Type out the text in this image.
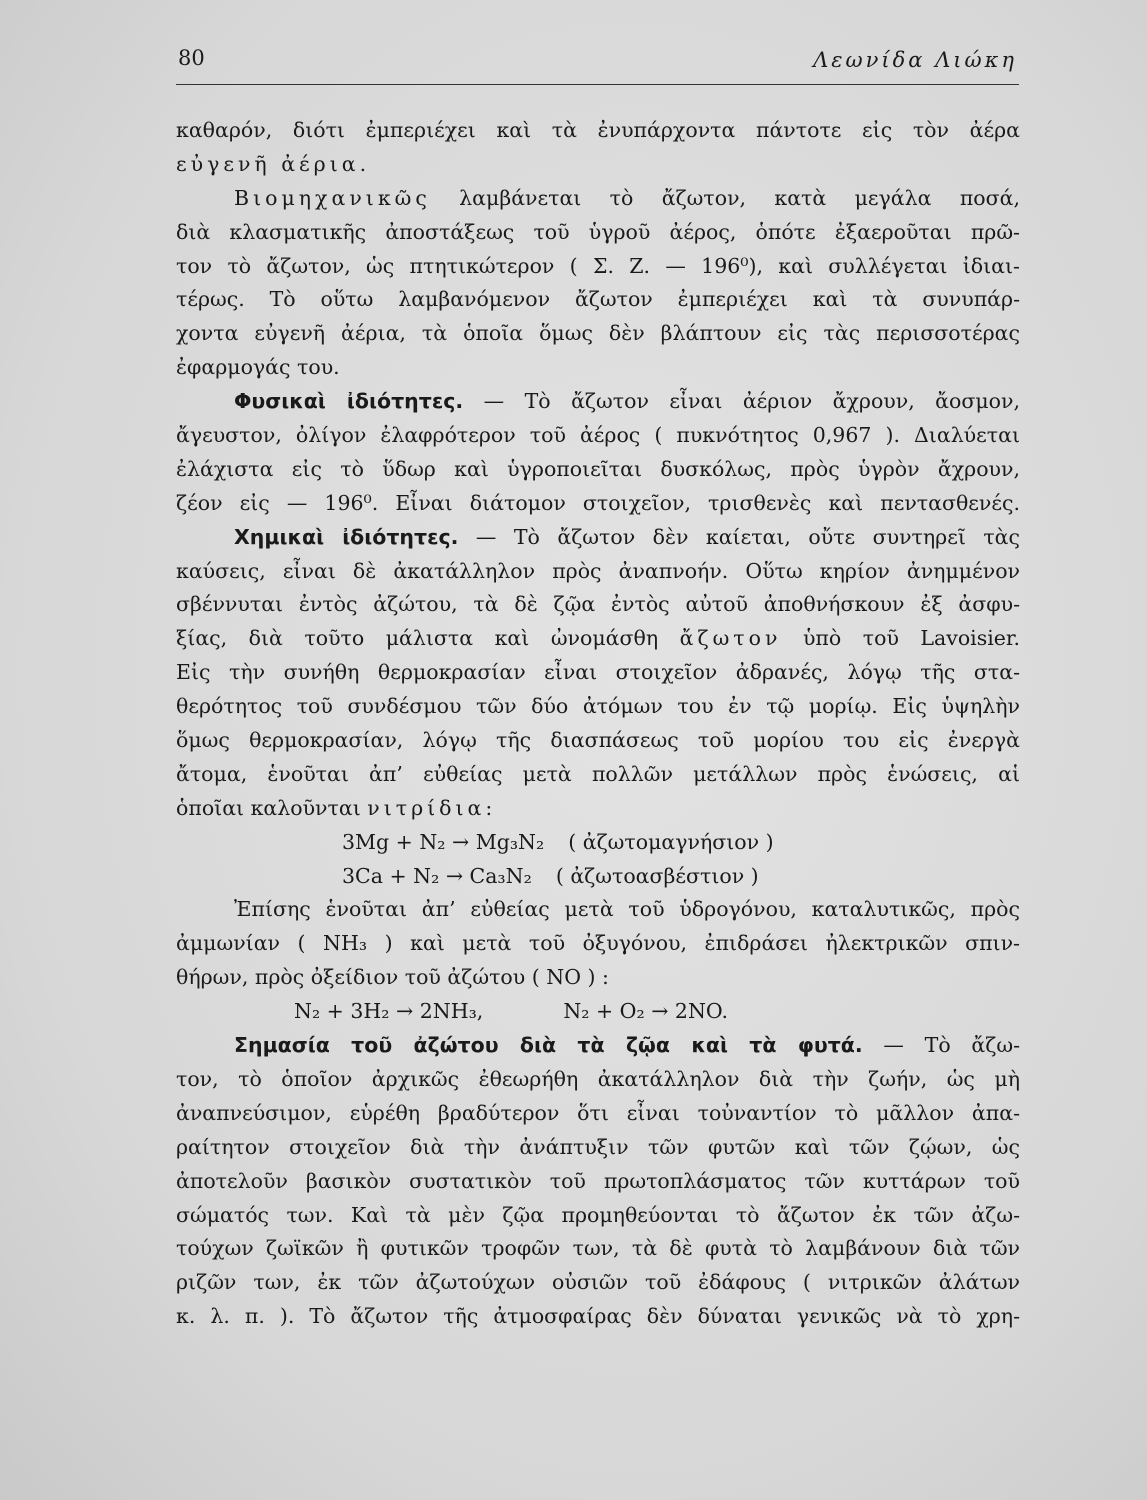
80	Λεωνίδα Λιώκη
καθαρόν, διότι ἐμπεριέχει καὶ τὰ ἐνυπάρχοντα πάντοτε εἰς τὸν ἀέρα
εὐγενῆ ἀέρια.
Βιομηχανικῶς λαμβάνεται τὸ ἄζωτον, κατὰ μεγάλα ποσά,
διὰ κλασματικῆς ἀποστάξεως τοῦ ὑγροῦ ἀέρος, ὁπότε ἐξαεροῦται πρῶ-
τον τὸ ἄζωτον, ὡς πτητικώτερον ( Σ. Ζ. — 196⁰), καὶ συλλέγεται ἰδιαι-
τέρως. Τὸ οὕτω λαμβανόμενον ἄζωτον ἐμπεριέχει καὶ τὰ συνυπάρ-
χοντα εὐγενῆ ἀέρια, τὰ ὁποῖα ὅμως δὲν βλάπτουν εἰς τὰς περισσοτέρας
ἐφαρμογάς του.
Φυσικαὶ ἰδιότητες. — Τὸ ἄζωτον εἶναι ἀέριον ἄχρουν, ἄοσμον,
ἄγευστον, ὀλίγον ἐλαφρότερον τοῦ ἀέρος ( πυκνότητος 0,967 ). Διαλύεται
ἐλάχιστα εἰς τὸ ὕδωρ καὶ ὑγροποιεῖται δυσκόλως, πρὸς ὑγρὸν ἄχρουν,
ζέον εἰς — 196⁰. Εἶναι διάτομον στοιχεῖον, τρισθενὲς καὶ πεντασθενές.
Χημικαὶ ἰδιότητες. — Τὸ ἄζωτον δὲν καίεται, οὔτε συντηρεῖ τὰς
καύσεις, εἶναι δὲ ἀκατάλληλον πρὸς ἀναπνοήν. Οὕτω κηρίον ἀνημμένον
σβέννυται ἐντὸς ἀζώτου, τὰ δὲ ζῷα ἐντὸς αὐτοῦ ἀποθνήσκουν ἐξ ἀσφυ-
ξίας, διὰ τοῦτο μάλιστα καὶ ὠνομάσθη ἄζωτον ὑπὸ τοῦ Lavoisier.
Εἰς τὴν συνήθη θερμοκρασίαν εἶναι στοιχεῖον ἀδρανές, λόγῳ τῆς στα-
θερότητος τοῦ συνδέσμου τῶν δύο ἀτόμων του ἐν τῷ μορίῳ. Εἰς ὑψηλὴν
ὅμως θερμοκρασίαν, λόγῳ τῆς διασπάσεως τοῦ μορίου του εἰς ἐνεργὰ
ἄτομα, ἑνοῦται ἀπ’ εὐθείας μετὰ πολλῶν μετάλλων πρὸς ἑνώσεις, αἱ
ὁποῖαι καλοῦνται νιτρίδια:
3Mg + N₂ → Mg₃N₂ ( ἀζωτομαγνήσιον )
3Ca + N₂ → Ca₃N₂ ( ἀζωτοασβέστιον )
Ἐπίσης ἑνοῦται ἀπ’ εὐθείας μετὰ τοῦ ὑδρογόνου, καταλυτικῶς, πρὸς
ἀμμωνίαν ( NH₃ ) καὶ μετὰ τοῦ ὀξυγόνου, ἐπιδράσει ἠλεκτρικῶν σπιν-
θήρων, πρὸς ὀξείδιον τοῦ ἀζώτου ( NO ) :
N₂ + 3H₂ → 2NH₃,	N₂ + O₂ → 2NO.
Σημασία τοῦ ἀζώτου διὰ τὰ ζῷα καὶ τὰ φυτά. — Τὸ ἄζω-
τον, τὸ ὁποῖον ἀρχικῶς ἐθεωρήθη ἀκατάλληλον διὰ τὴν ζωήν, ὡς μὴ
ἀναπνεύσιμον, εὑρέθη βραδύτερον ὅτι εἶναι τοὐναντίον τὸ μᾶλλον ἀπα-
ραίτητον στοιχεῖον διὰ τὴν ἀνάπτυξιν τῶν φυτῶν καὶ τῶν ζῴων, ὡς
ἀποτελοῦν βασικὸν συστατικὸν τοῦ πρωτοπλάσματος τῶν κυττάρων τοῦ
σώματός των. Καὶ τὰ μὲν ζῷα προμηθεύονται τὸ ἄζωτον ἐκ τῶν ἀζω-
τούχων ζωϊκῶν ἢ φυτικῶν τροφῶν των, τὰ δὲ φυτὰ τὸ λαμβάνουν διὰ τῶν
ριζῶν των, ἐκ τῶν ἀζωτούχων οὐσιῶν τοῦ ἐδάφους ( νιτρικῶν ἀλάτων
κ. λ. π. ). Τὸ ἄζωτον τῆς ἀτμοσφαίρας δὲν δύναται γενικῶς νὰ τὸ χρη-
